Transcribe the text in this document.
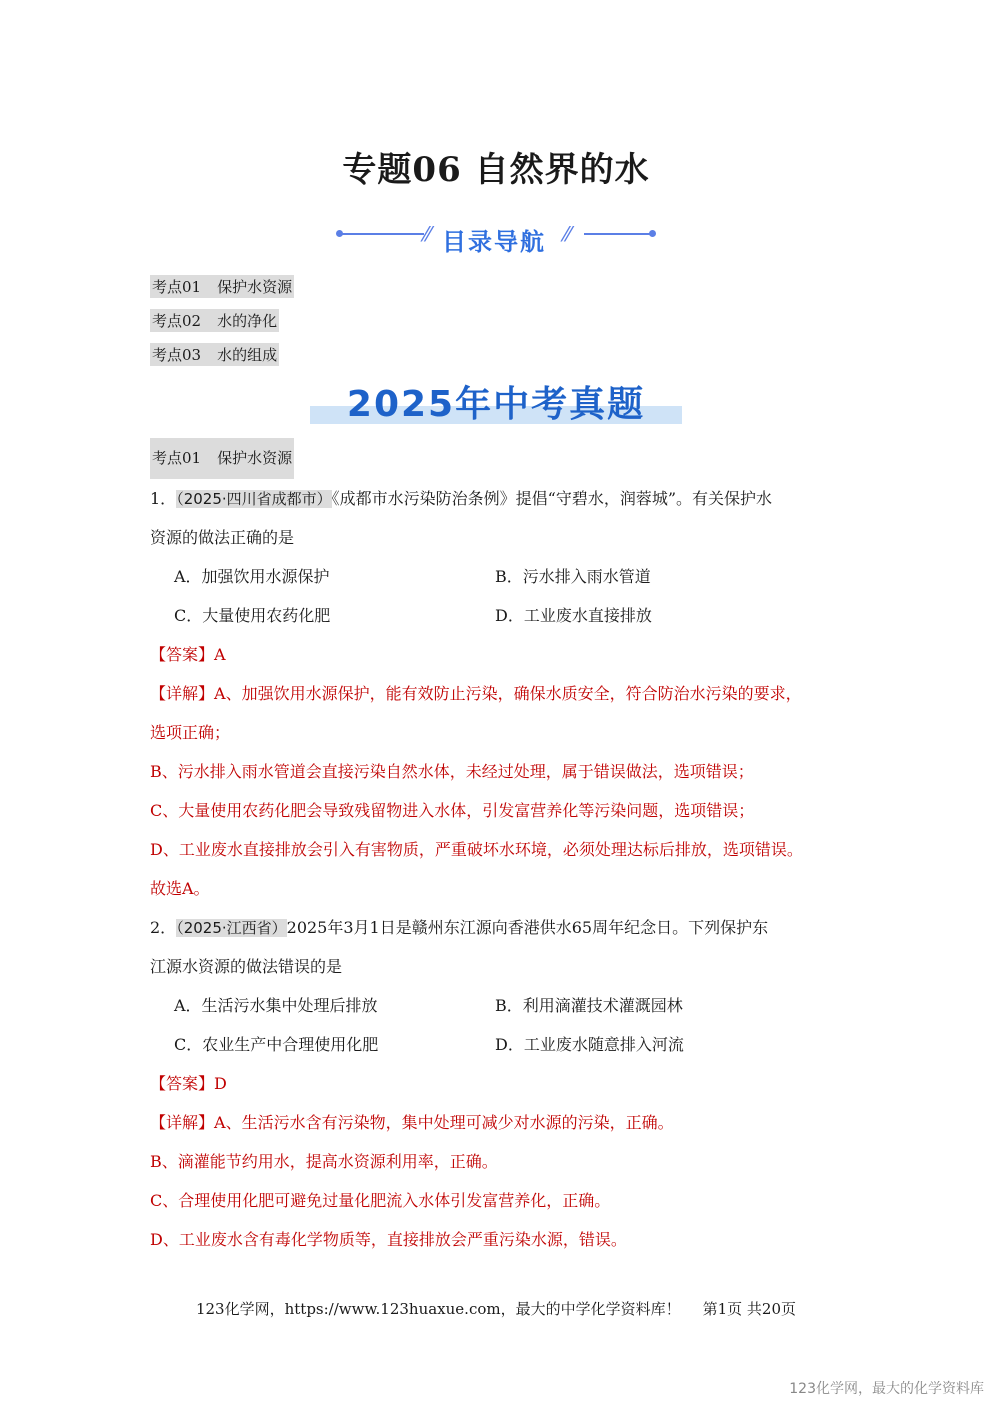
专题06 自然界的水
⁄⁄ 目录导航 ⁄⁄
考点01 保护水资源
考点02 水的净化
考点03 水的组成
2025年中考真题
考点01 保护水资源
1．（2025·四川省成都市）《成都市水污染防治条例》提倡“守碧水，润蓉城”。有关保护水
资源的做法正确的是
A．加强饮用水源保护	B．污水排入雨水管道
C．大量使用农药化肥	D．工业废水直接排放
【答案】A
【详解】A、加强饮用水源保护，能有效防止污染，确保水质安全，符合防治水污染的要求，
选项正确；
B、污水排入雨水管道会直接污染自然水体，未经过处理，属于错误做法，选项错误；
C、大量使用农药化肥会导致残留物进入水体，引发富营养化等污染问题，选项错误；
D、工业废水直接排放会引入有害物质，严重破坏水环境，必须处理达标后排放，选项错误。
故选A。
2．（2025·江西省）2025年3月1日是赣州东江源向香港供水65周年纪念日。下列保护东
江源水资源的做法错误的是
A．生活污水集中处理后排放	B．利用滴灌技术灌溉园林
C．农业生产中合理使用化肥	D．工业废水随意排入河流
【答案】D
【详解】A、生活污水含有污染物，集中处理可减少对水源的污染，正确。
B、滴灌能节约用水，提高水资源利用率，正确。
C、合理使用化肥可避免过量化肥流入水体引发富营养化，正确。
D、工业废水含有毒化学物质等，直接排放会严重污染水源，错误。
123化学网，https://www.123huaxue.com，最大的中学化学资料库！ 第1页 共20页
123化学网，最大的化学资料库
